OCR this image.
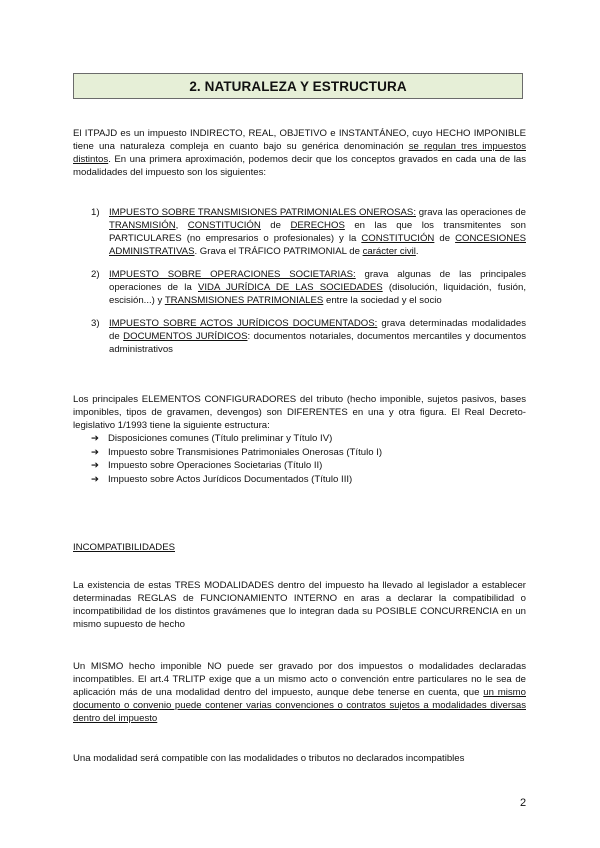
2. NATURALEZA Y ESTRUCTURA

El ITPAJD es un impuesto INDIRECTO, REAL, OBJETIVO e INSTANTÁNEO, cuyo HECHO IMPONIBLE tiene una naturaleza compleja en cuanto bajo su genérica denominación se regulan tres impuestos distintos. En una primera aproximación, podemos decir que los conceptos gravados en cada una de las modalidades del impuesto son los siguientes:

1) IMPUESTO SOBRE TRANSMISIONES PATRIMONIALES ONEROSAS: grava las operaciones de TRANSMISIÓN, CONSTITUCIÓN de DERECHOS en las que los transmitentes son PARTICULARES (no empresarios o profesionales) y la CONSTITUCIÓN de CONCESIONES ADMINISTRATIVAS. Grava el TRÁFICO PATRIMONIAL de carácter civil.
2) IMPUESTO SOBRE OPERACIONES SOCIETARIAS: grava algunas de las principales operaciones de la VIDA JURÍDICA DE LAS SOCIEDADES (disolución, liquidación, fusión, escisión...) y TRANSMISIONES PATRIMONIALES entre la sociedad y el socio
3) IMPUESTO SOBRE ACTOS JURÍDICOS DOCUMENTADOS: grava determinadas modalidades de DOCUMENTOS JURÍDICOS: documentos notariales, documentos mercantiles y documentos administrativos

Los principales ELEMENTOS CONFIGURADORES del tributo (hecho imponible, sujetos pasivos, bases imponibles, tipos de gravamen, devengos) son DIFERENTES en una y otra figura. El Real Decreto-legislativo 1/1993 tiene la siguiente estructura:

➔ Disposiciones comunes (Título preliminar y Título IV)
➔ Impuesto sobre Transmisiones Patrimoniales Onerosas (Título I)
➔ Impuesto sobre Operaciones Societarias (Título II)
➔ Impuesto sobre Actos Jurídicos Documentados (Título III)
INCOMPATIBILIDADES

La existencia de estas TRES MODALIDADES dentro del impuesto ha llevado al legislador a establecer determinadas REGLAS de FUNCIONAMIENTO INTERNO en aras a declarar la compatibilidad o incompatibilidad de los distintos gravámenes que lo integran dada su POSIBLE CONCURRENCIA en un mismo supuesto de hecho

Un MISMO hecho imponible NO puede ser gravado por dos impuestos o modalidades declaradas incompatibles. El art.4 TRLITP exige que a un mismo acto o convención entre particulares no le sea de aplicación más de una modalidad dentro del impuesto, aunque debe tenerse en cuenta, que un mismo documento o convenio puede contener varias convenciones o contratos sujetos a modalidades diversas dentro del impuesto

Una modalidad será compatible con las modalidades o tributos no declarados incompatibles

2
